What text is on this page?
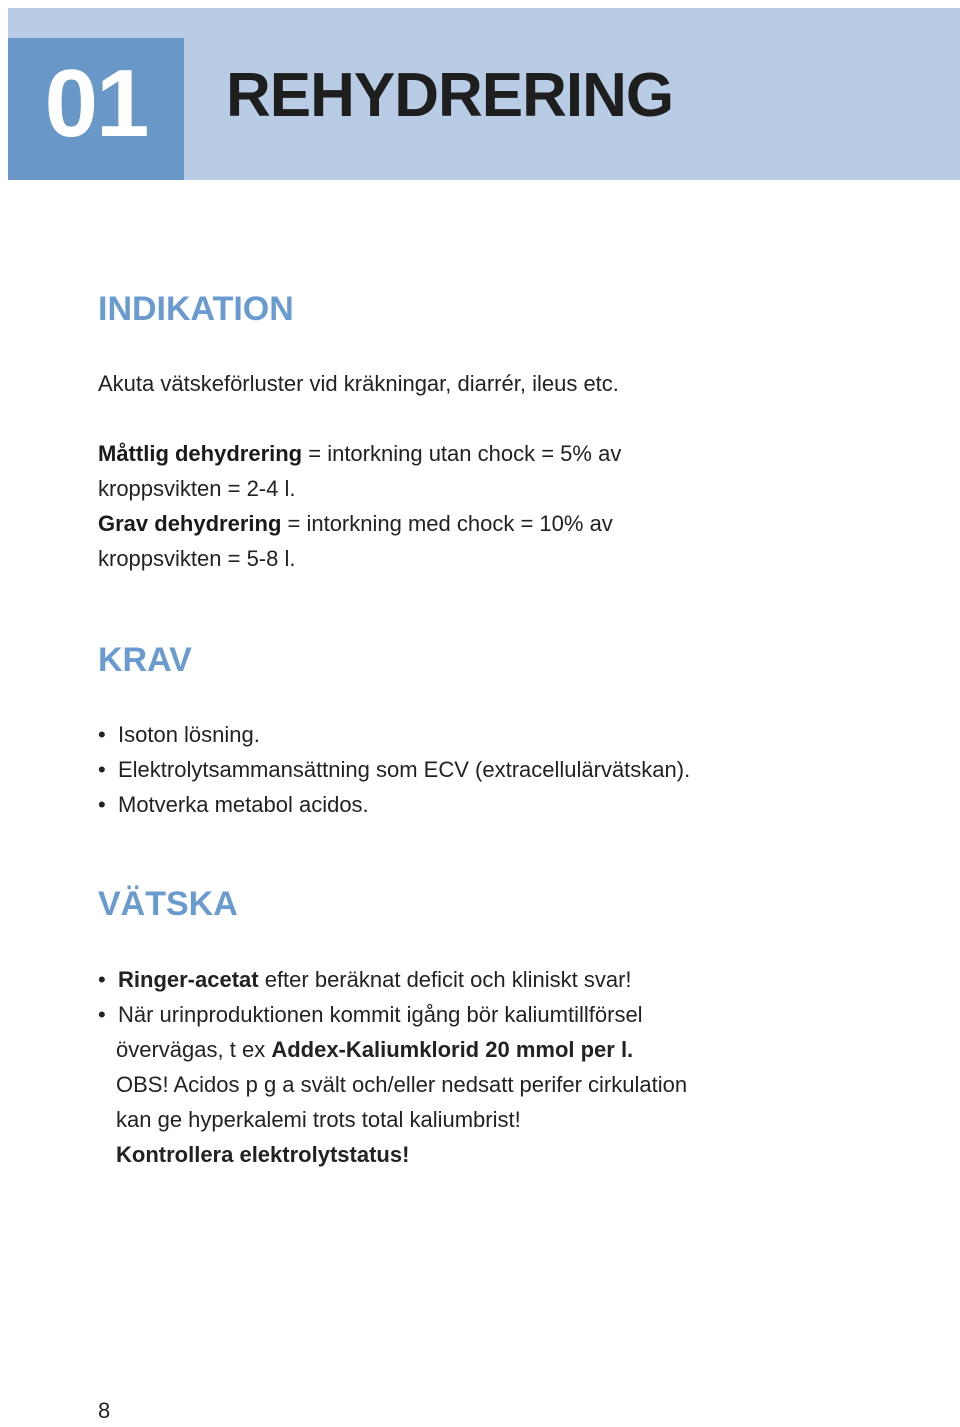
01	REHYDRERING
INDIKATION
Akuta vätskeförluster vid kräkningar, diarrér, ileus etc.
Måttlig dehydrering = intorkning utan chock = 5% av
kroppsvikten = 2-4 l.
Grav dehydrering = intorkning med chock = 10% av
kroppsvikten = 5-8 l.
KRAV
• Isoton lösning.
• Elektrolytsammansättning som ECV (extracellulärvätskan).
• Motverka metabol acidos.
VÄTSKA
• Ringer-acetat efter beräknat deficit och kliniskt svar!
• När urinproduktionen kommit igång bör kaliumtillförsel
övervägas, t ex Addex-Kaliumklorid 20 mmol per l.
OBS! Acidos p g a svält och/eller nedsatt perifer cirkulation
kan ge hyperkalemi trots total kaliumbrist!
Kontrollera elektrolytstatus!
8
